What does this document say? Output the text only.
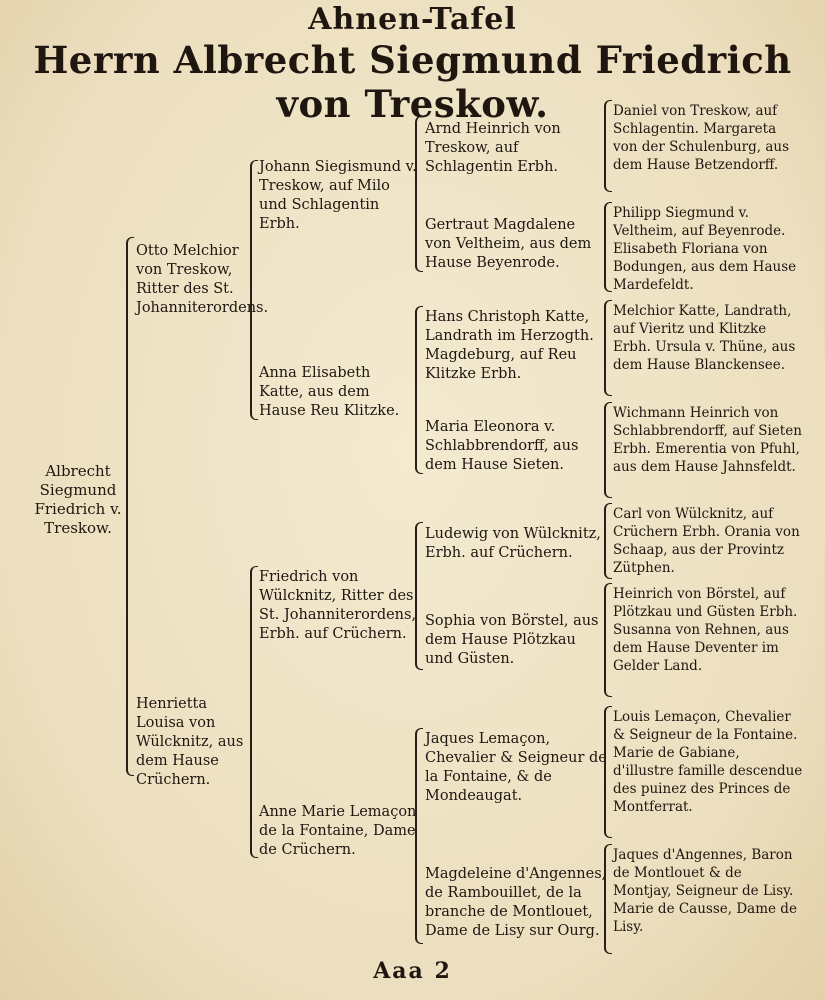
Ahnen-Tafel
Herrn Albrecht Siegmund Friedrich von Treskow.
Albrecht Siegmund Friedrich v. Treskow.
Otto Melchior von Treskow, Ritter des St. Johanniterordens.
Henrietta Louisa von Wülcknitz, aus dem Hause Crüchern.
Johann Siegismund v. Treskow, auf Milo und Schlagentin Erbh.
Anna Elisabeth Katte, aus dem Hause Reu Klitzke.
Friedrich von Wülcknitz, Ritter des St. Johanniterordens, Erbh. auf Crüchern.
Anne Marie Lemaçon de la Fontaine, Dame de Crüchern.
Arnd Heinrich von Treskow, auf Schlagentin Erbh.
Gertraut Magdalene von Veltheim, aus dem Hause Beyenrode.
Hans Christoph Katte, Landrath im Herzogth. Magdeburg, auf Reu Klitzke Erbh.
Maria Eleonora v. Schlabbrendorff, aus dem Hause Sieten.
Ludewig von Wülcknitz, Erbh. auf Crüchern.
Sophia von Börstel, aus dem Hause Plötzkau und Güsten.
Jaques Lemaçon, Chevalier & Seigneur de la Fontaine, & de Mondeaugat.
Magdeleine d'Angennes, de Rambouillet, de la branche de Montlouet, Dame de Lisy sur Ourg.
Daniel von Treskow, auf Schlagentin. Margareta von der Schulenburg, aus dem Hause Betzendorff.
Philipp Siegmund v. Veltheim, auf Beyenrode. Elisabeth Floriana von Bodungen, aus dem Hause Mardefeldt.
Melchior Katte, Landrath, auf Vieritz und Klitzke Erbh. Ursula v. Thüne, aus dem Hause Blanckensee.
Wichmann Heinrich von Schlabbrendorff, auf Sieten Erbh. Emerentia von Pfuhl, aus dem Hause Jahnsfeldt.
Carl von Wülcknitz, auf Crüchern Erbh. Orania von Schaap, aus der Provintz Zütphen.
Heinrich von Börstel, auf Plötzkau und Güsten Erbh. Susanna von Rehnen, aus dem Hause Deventer im Gelder Land.
Louis Lemaçon, Chevalier & Seigneur de la Fontaine. Marie de Gabiane, d'illustre famille descendue des puinez des Princes de Montferrat.
Jaques d'Angennes, Baron de Montlouet & de Montjay, Seigneur de Lisy. Marie de Causse, Dame de Lisy.
Aaa 2
